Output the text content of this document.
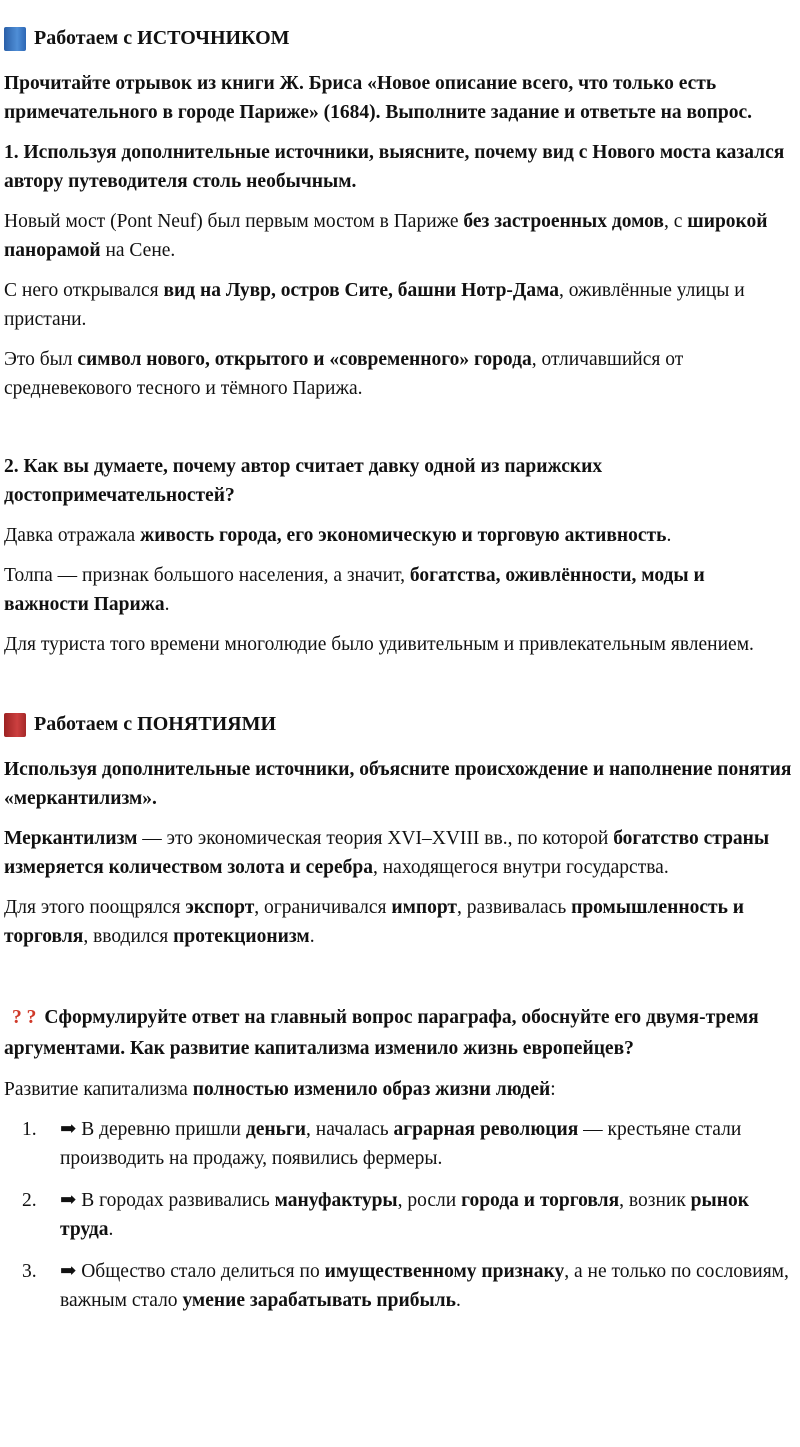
Работаем с ИСТОЧНИКОМ

Прочитайте отрывок из книги Ж. Бриса «Новое описание всего, что только есть примечательного в городе Париже» (1684). Выполните задание и ответьте на вопрос.

1. Используя дополнительные источники, выясните, почему вид с Нового моста казался автору путеводителя столь необычным.

Новый мост (Pont Neuf) был первым мостом в Париже без застроенных домов, с широкой панорамой на Сене.

С него открывался вид на Лувр, остров Сите, башни Нотр-Дама, оживлённые улицы и пристани.

Это был символ нового, открытого и «современного» города, отличавшийся от средневекового тесного и тёмного Парижа.

2. Как вы думаете, почему автор считает давку одной из парижских достопримечательностей?

Давка отражала живость города, его экономическую и торговую активность.

Толпа — признак большого населения, а значит, богатства, оживлённости, моды и важности Парижа.

Для туриста того времени многолюдие было удивительным и привлекательным явлением.

Работаем с ПОНЯТИЯМИ

Используя дополнительные источники, объясните происхождение и наполнение понятия «меркантилизм».

Меркантилизм — это экономическая теория XVI–XVIII вв., по которой богатство страны измеряется количеством золота и серебра, находящегося внутри государства.

Для этого поощрялся экспорт, ограничивался импорт, развивалась промышленность и торговля, вводился протекционизм.

? ? Сформулируйте ответ на главный вопрос параграфа, обоснуйте его двумя-тремя аргументами. Как развитие капитализма изменило жизнь европейцев?

Развитие капитализма полностью изменило образ жизни людей:

1.	➡ В деревню пришли деньги, началась аграрная революция — крестьяне стали производить на продажу, появились фермеры.
2.	➡ В городах развивались мануфактуры, росли города и торговля, возник рынок труда.
3.	➡ Общество стало делиться по имущественному признаку, а не только по сословиям, важным стало умение зарабатывать прибыль.
